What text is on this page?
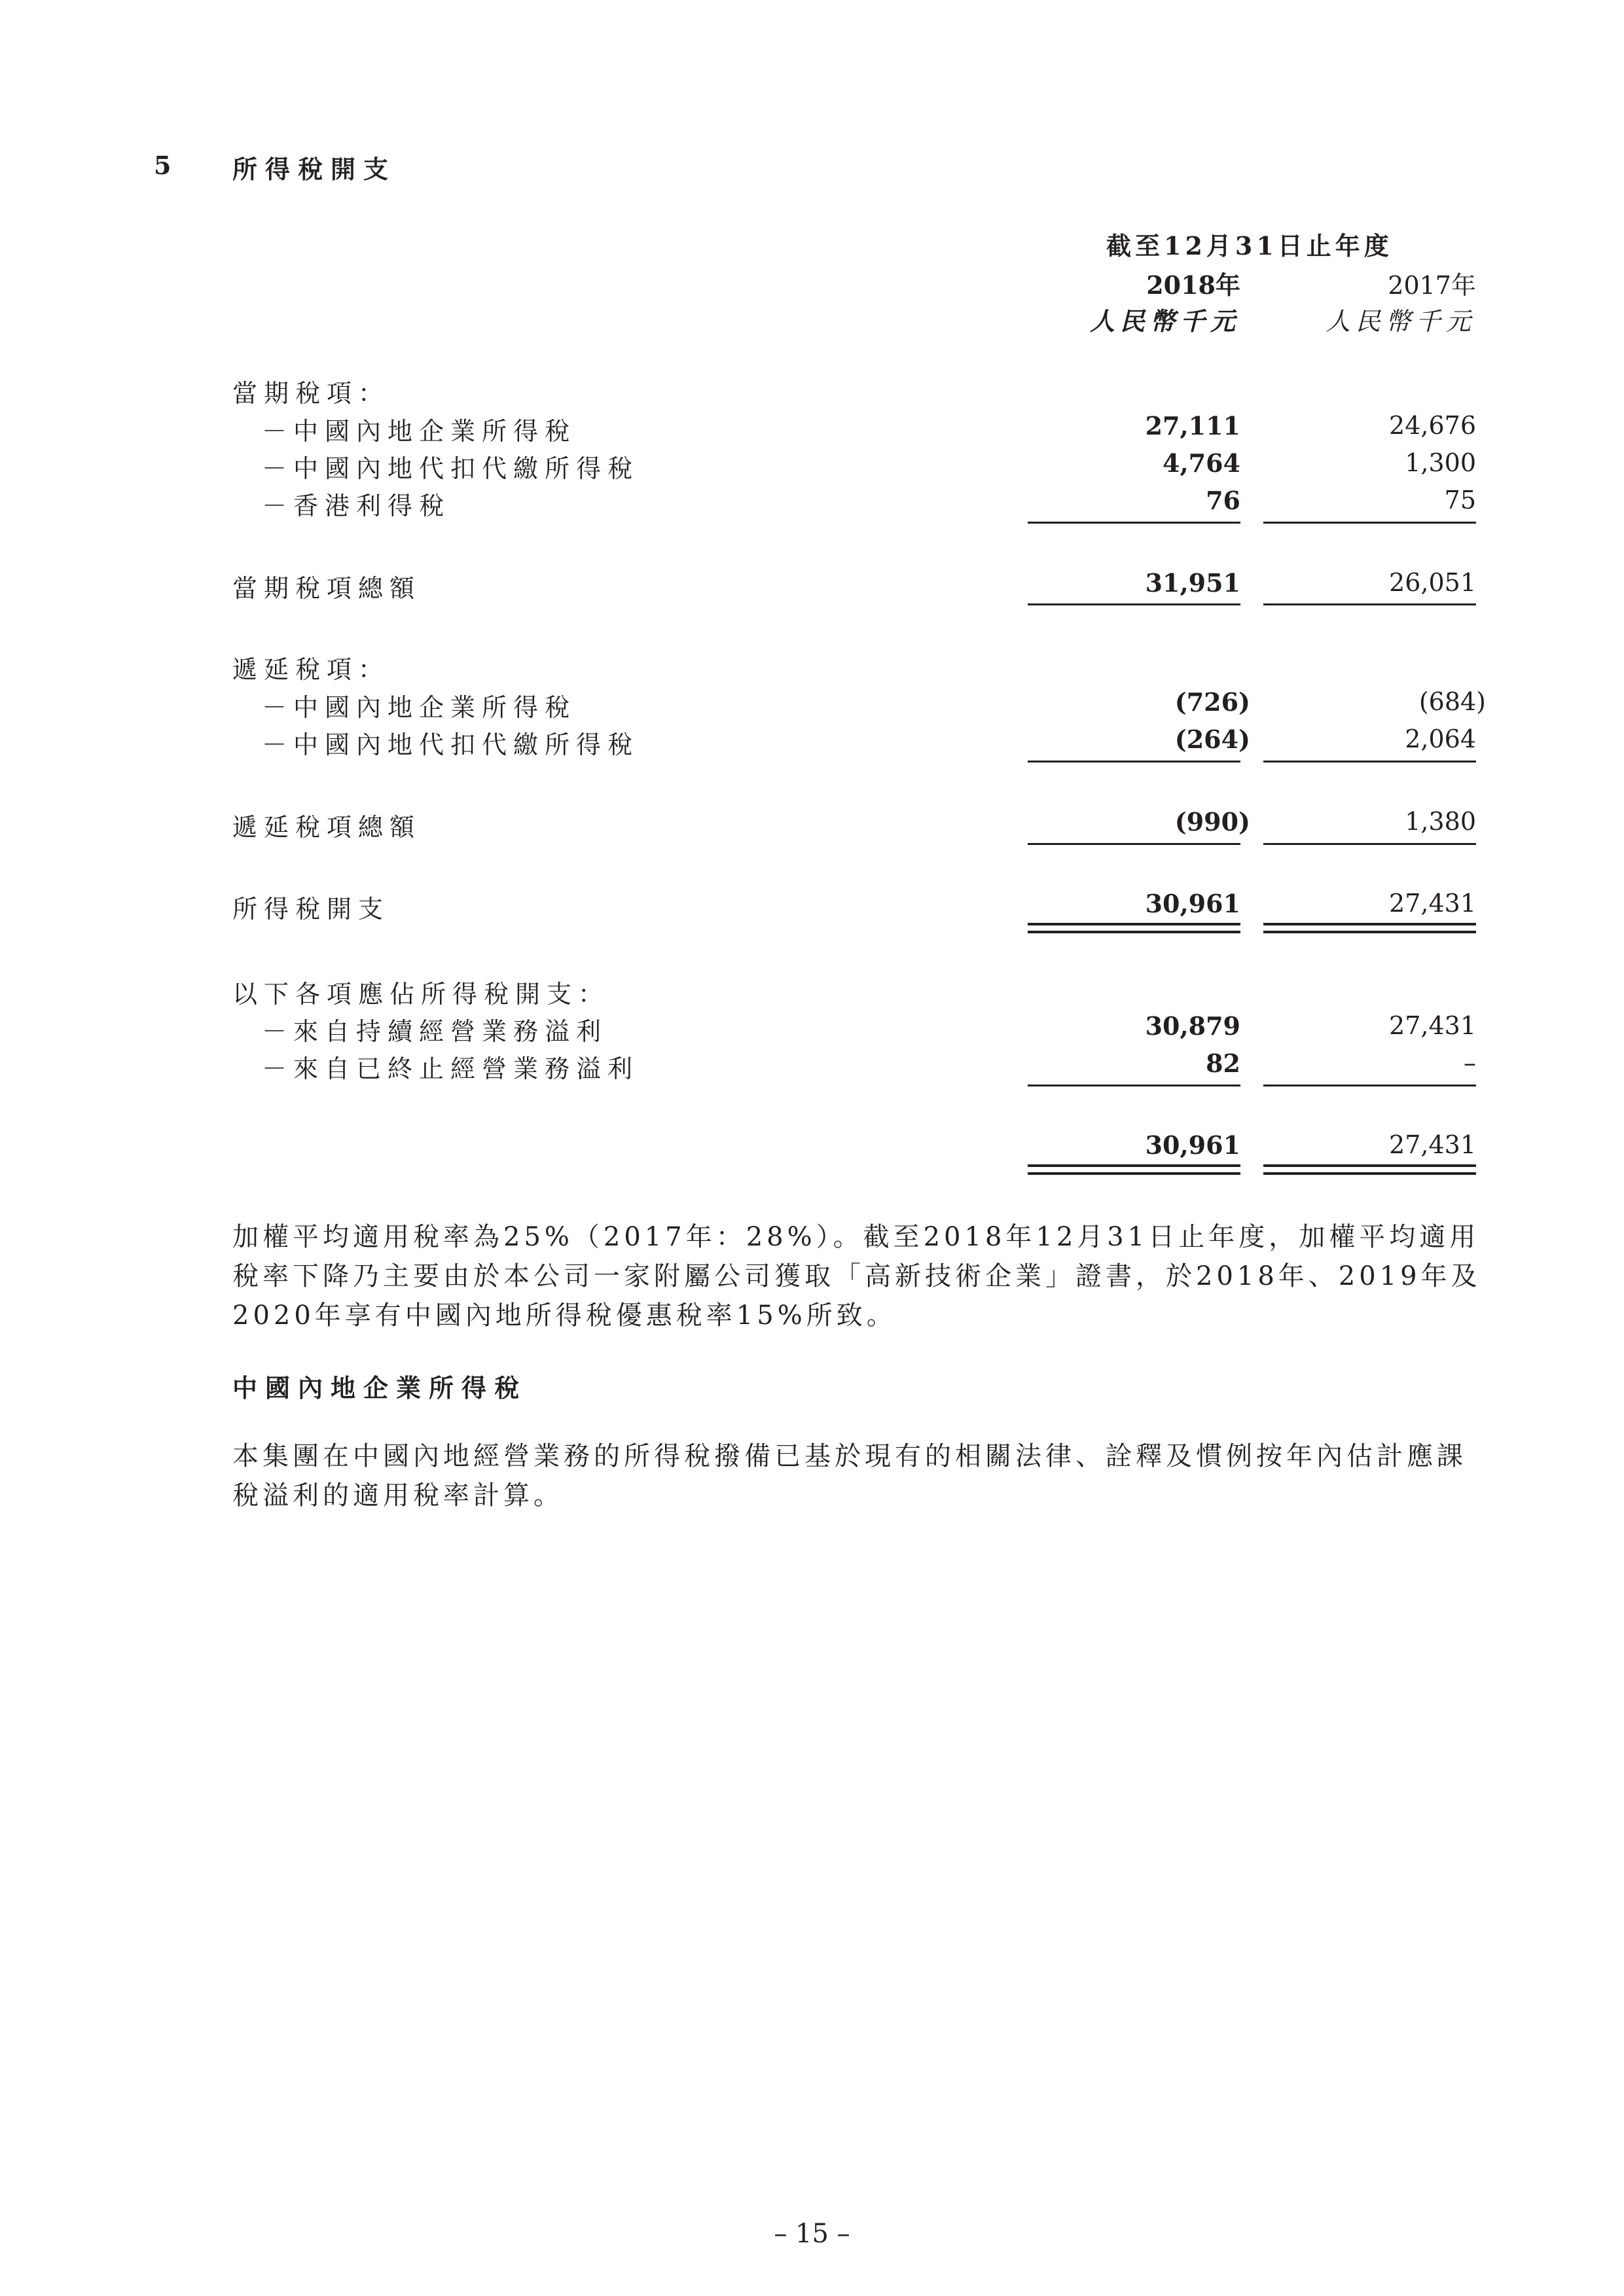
5 所得稅開支
截至12月31日止年度
2018年	2017年
人民幣千元	人民幣千元
當期稅項：
－中國內地企業所得稅	27,111	24,676
－中國內地代扣代繳所得稅	4,764	1,300
－香港利得稅	76	75
當期稅項總額	31,951	26,051
遞延稅項：
－中國內地企業所得稅	(726)	(684)
－中國內地代扣代繳所得稅	(264)	2,064
遞延稅項總額	(990)	1,380
所得稅開支	30,961	27,431
以下各項應佔所得稅開支：
－來自持續經營業務溢利	30,879	27,431
－來自已終止經營業務溢利	82	–
30,961	27,431
加權平均適用稅率為25%（2017年：28%）。截至2018年12月31日止年度，加權平均適用稅率下降乃主要由於本公司一家附屬公司獲取「高新技術企業」證書，於2018年、2019年及2020年享有中國內地所得稅優惠稅率15%所致。
中國內地企業所得稅
本集團在中國內地經營業務的所得稅撥備已基於現有的相關法律、詮釋及慣例按年內估計應課稅溢利的適用稅率計算。
– 15 –
